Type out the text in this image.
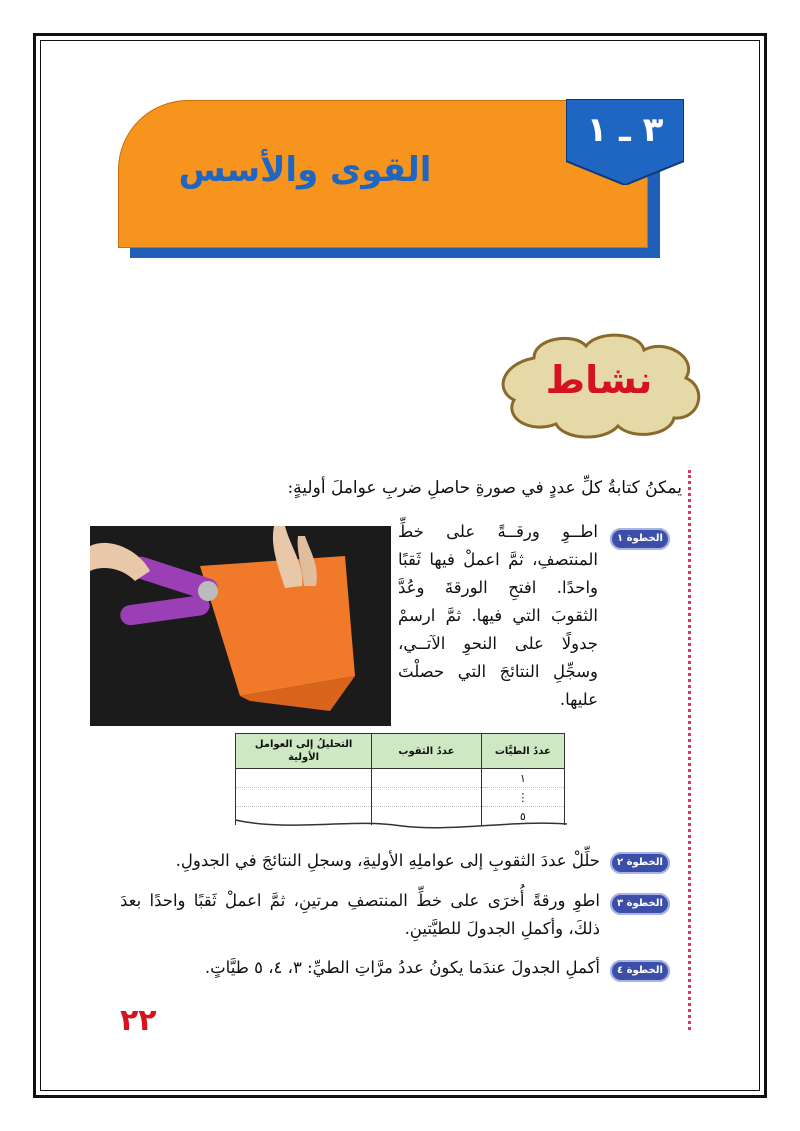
٣ ـ ١
القوى والأسس
نشاط
يمكنُ كتابةُ كلِّ عددٍ في صورةِ حاصلِ ضربِ عواملَ أوليةٍ:
الخطوة ١
اطــوِ ورقــةً على خطِّ المنتصفِ، ثمَّ اعملْ فيها ثَقبًا واحدًا. افتحِ الورقةَ وعُدَّ الثقوبَ التي فيها. ثمَّ ارسمْ جدولًا على النحوِ الآتــي، وسجِّلِ النتائجَ التي حصلْتَ عليها.
عددُ الطيَّات	عددُ الثقوب	التحليلُ إلى العوامل الأولية
١		
⋮		
٥		
الخطوة ٢
حلِّلْ عددَ الثقوبِ إلى عواملِهِ الأوليةِ، وسجلِ النتائجَ في الجدولِ.
الخطوة ٣
اطوِ ورقةً أُخرَى على خطِّ المنتصفِ مرتينِ، ثمَّ اعملْ ثَقبًا واحدًا بعدَ ذلكَ، وأكملِ الجدولَ للطيَّتينِ.
الخطوة ٤
أكملِ الجدولَ عندَما يكونُ عددُ مرَّاتِ الطيِّ: ٣، ٤، ٥ طيَّاتٍ.
٢٢
